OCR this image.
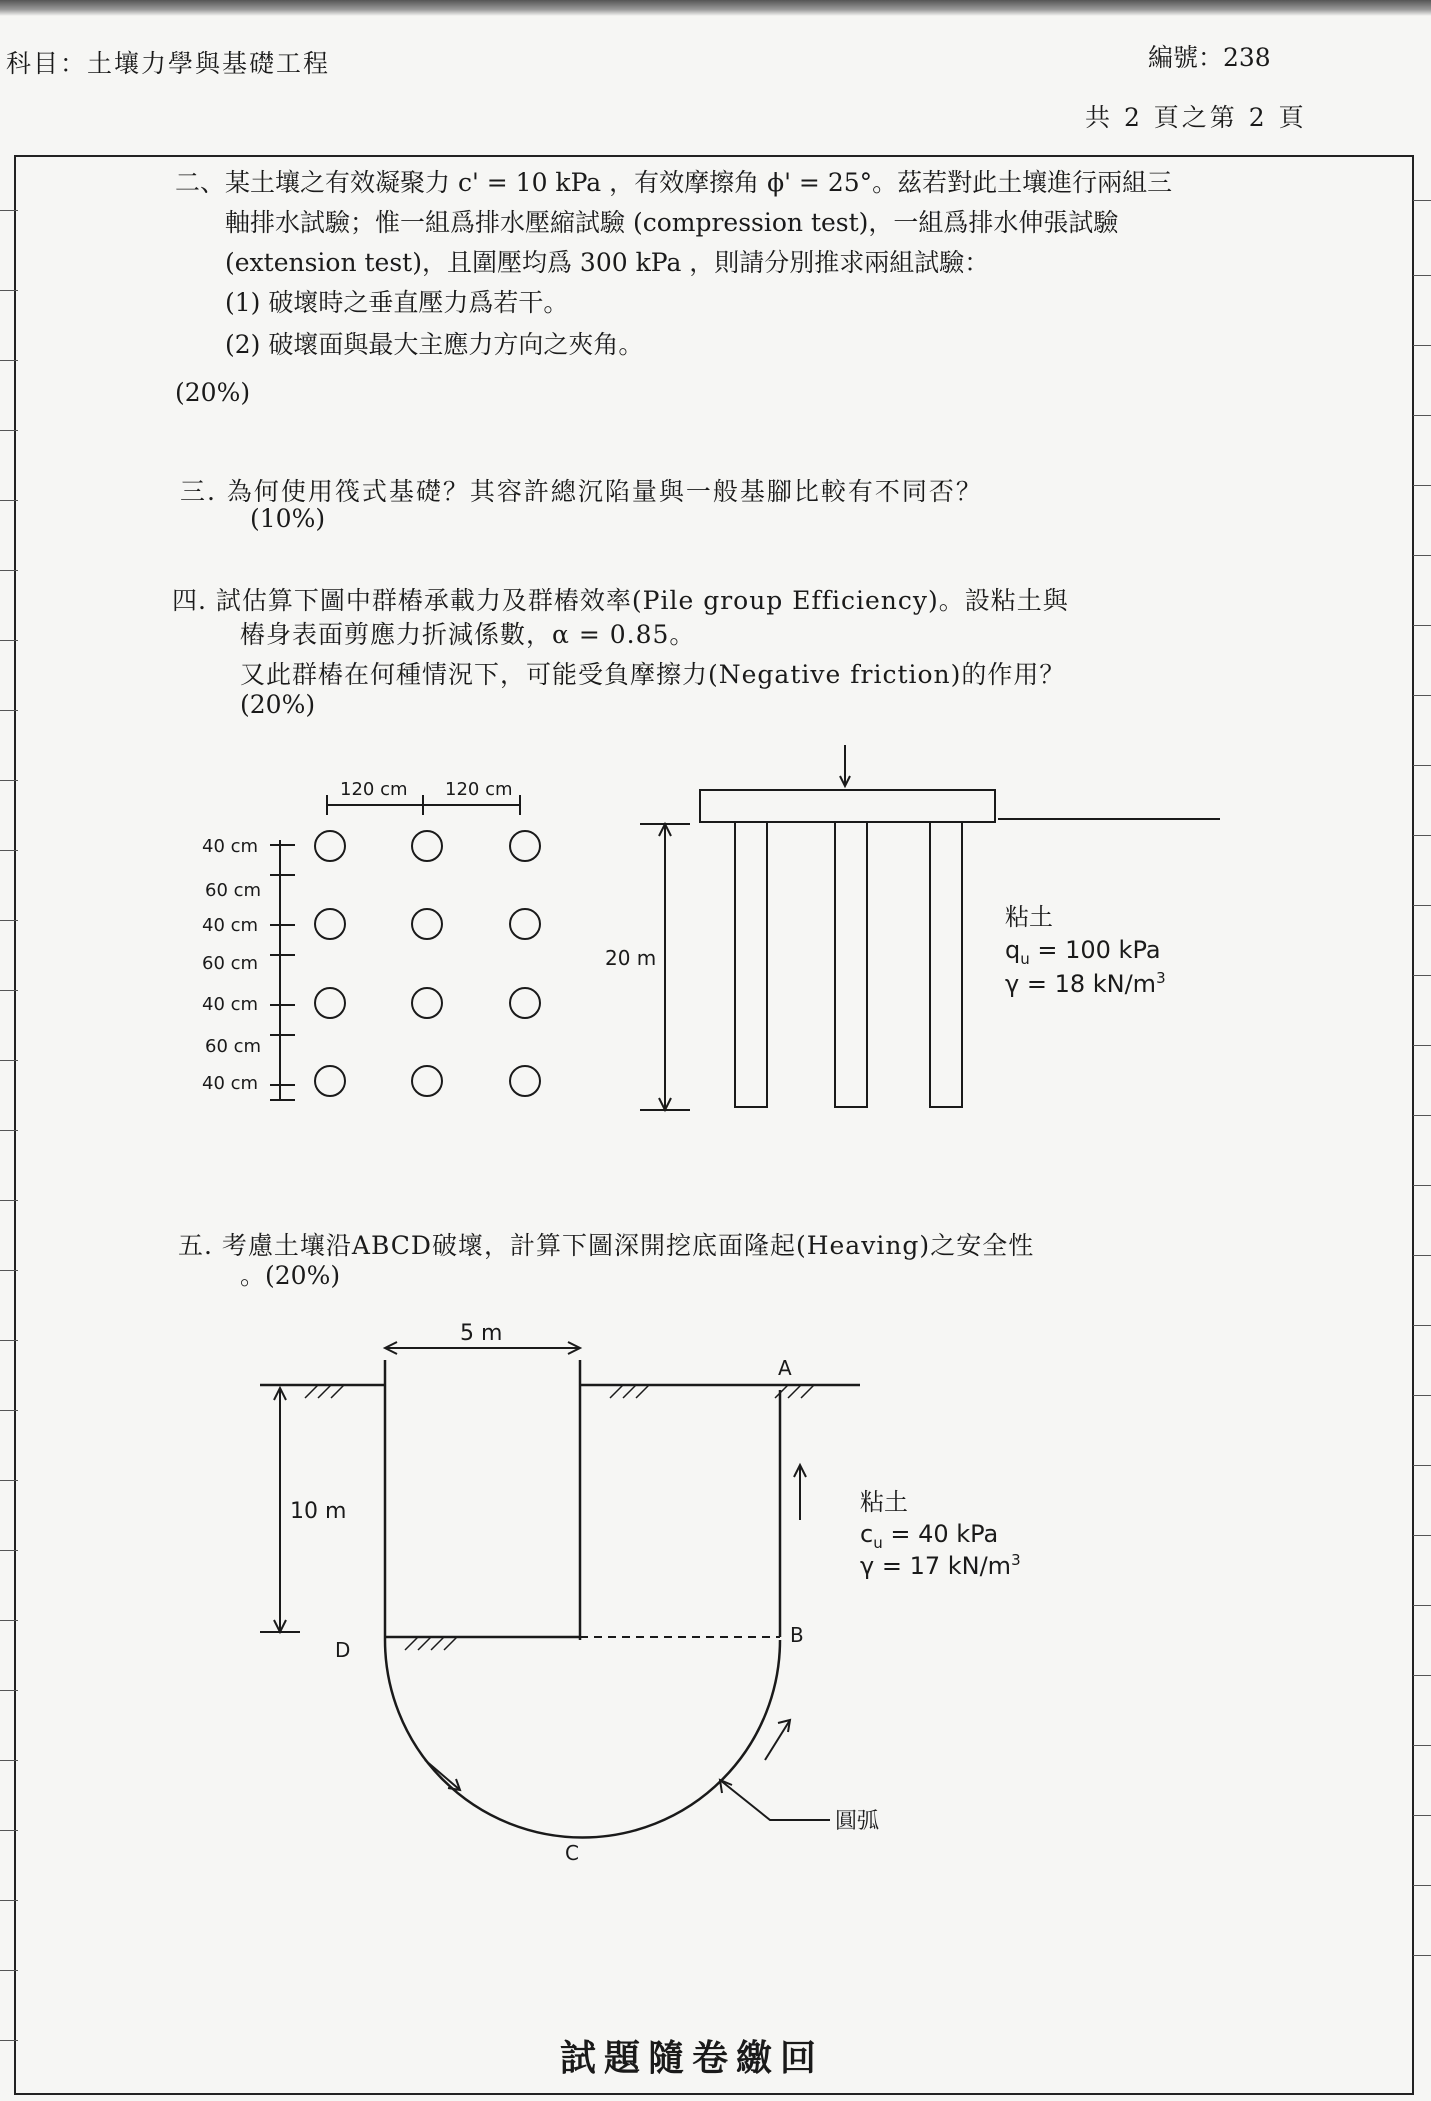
科目：土壤力學與基礎工程	編號：238
共 2 頁之第 2 頁
二、某土壤之有效凝聚力 c' = 10 kPa ，有效摩擦角 ϕ' = 25°。茲若對此土壤進行兩組三
軸排水試驗；惟一組爲排水壓縮試驗 (compression test)，一組爲排水伸張試驗
(extension test)，且圍壓均爲 300 kPa ，則請分別推求兩組試驗：
(1) 破壞時之垂直壓力爲若干。
(2) 破壞面與最大主應力方向之夾角。
(20%)
三. 為何使用筏式基礎？其容許總沉陷量與一般基腳比較有不同否？
(10%)
四. 試估算下圖中群樁承載力及群樁效率(Pile group Efficiency)。設粘土與
樁身表面剪應力折減係數，α = 0.85。
又此群樁在何種情況下，可能受負摩擦力(Negative friction)的作用？
(20%)
120 cm 120 cm
40 cm
60 cm
40 cm
60 cm
40 cm
60 cm
40 cm
20 m
粘土
$q_u = 100$ kPa
γ = 18 $kN/m^3$
五. 考慮土壤沿ABCD破壞，計算下圖深開挖底面隆起(Heaving)之安全性
。(20%)
5 m
10 m
A
B
C
D
粘土
$c_u = 40$ kPa
γ = 17 $kN/m^3$
圓弧
試題隨卷繳回
